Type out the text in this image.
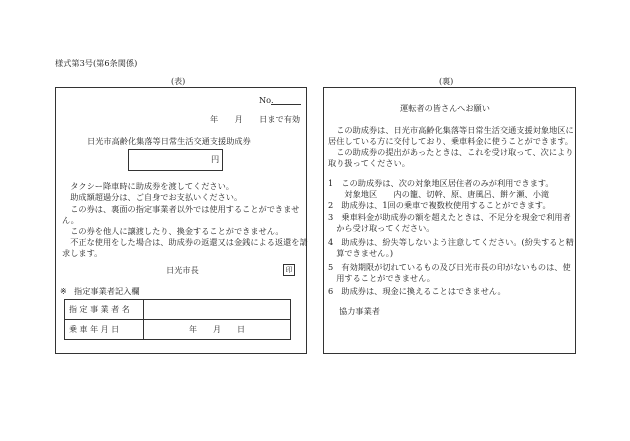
様式第3号(第6条関係)
(表)	(裏)
No.
年　　月　　日まで有効
日光市高齢化集落等日常生活交通支援助成券
円
　タクシー降車時に助成券を渡してください。
　助成額超過分は、ご自身でお支払いください。
　この券は、裏面の指定事業者以外では使用することができませ
ん。
　この券を他人に譲渡したり、換金することができません。
　不正な使用をした場合は、助成券の返還又は金銭による返還を請
求します。
日光市長	印
※ 指定事業者記入欄
指 定 事 業 者 名	
乗 車 年 月 日	年　　月　　日
運転者の皆さんへお願い
　この助成券は、日光市高齢化集落等日常生活交通支援対象地区に
居住している方に交付しており、乗車料金に使うことができます。
　この助成券の提出があったときは、これを受け取って、次により
取り扱ってください。
1　この助成券は、次の対象地区居住者のみが利用できます。
　　対象地区　　内の籠、切幹、原、唐風呂、餅ケ瀬、小滝
2　助成券は、1回の乗車で複数枚使用することができます。
3　乗車料金が助成券の額を超えたときは、不足分を現金で利用者
　から受け取ってください。
4　助成券は、紛失等しないよう注意してください。(紛失すると精
　算できません。)
5　有効期限が切れているもの及び日光市長の印がないものは、使
　用することができません。
6　助成券は、現金に換えることはできません。
協力事業者
